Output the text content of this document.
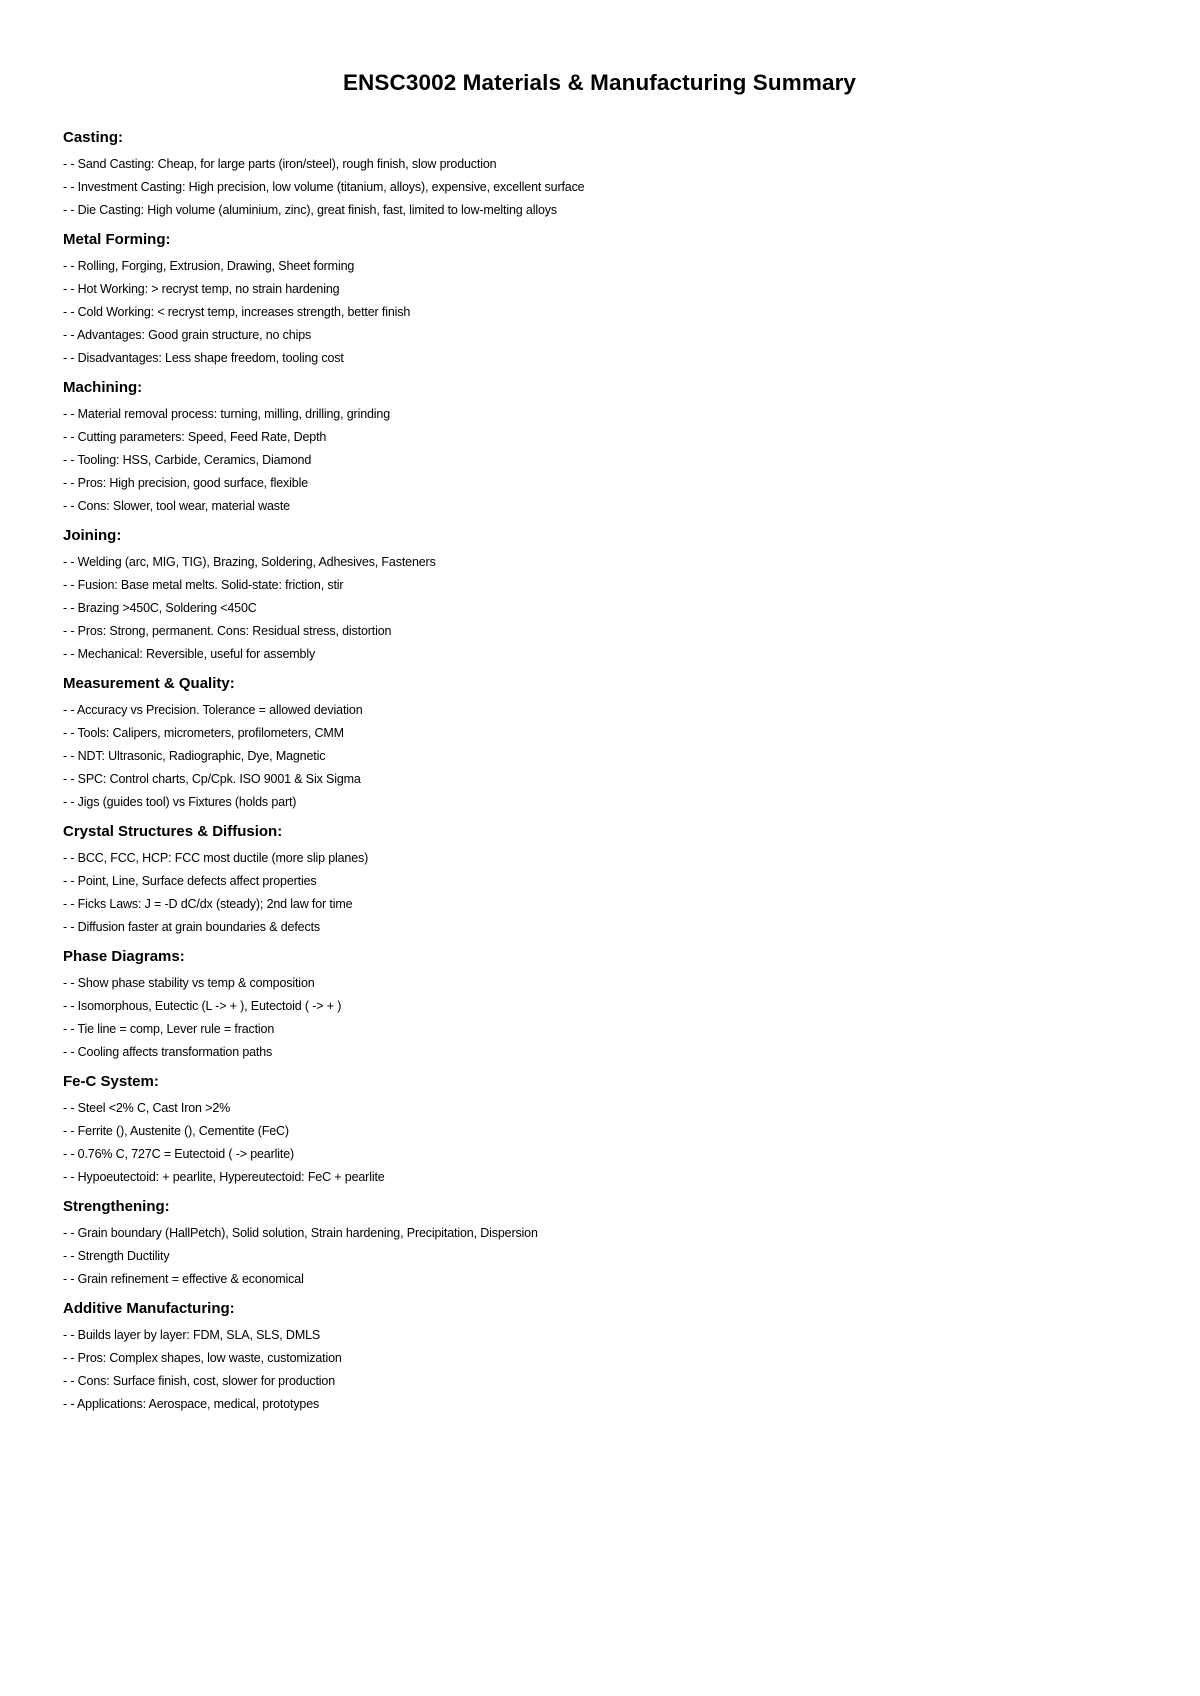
ENSC3002 Materials & Manufacturing Summary
Casting:
- - Sand Casting: Cheap, for large parts (iron/steel), rough finish, slow production
- - Investment Casting: High precision, low volume (titanium, alloys), expensive, excellent surface
- - Die Casting: High volume (aluminium, zinc), great finish, fast, limited to low-melting alloys
Metal Forming:
- - Rolling, Forging, Extrusion, Drawing, Sheet forming
- - Hot Working: > recryst temp, no strain hardening
- - Cold Working: < recryst temp, increases strength, better finish
- - Advantages: Good grain structure, no chips
- - Disadvantages: Less shape freedom, tooling cost
Machining:
- - Material removal process: turning, milling, drilling, grinding
- - Cutting parameters: Speed, Feed Rate, Depth
- - Tooling: HSS, Carbide, Ceramics, Diamond
- - Pros: High precision, good surface, flexible
- - Cons: Slower, tool wear, material waste
Joining:
- - Welding (arc, MIG, TIG), Brazing, Soldering, Adhesives, Fasteners
- - Fusion: Base metal melts. Solid-state: friction, stir
- - Brazing >450C, Soldering <450C
- - Pros: Strong, permanent. Cons: Residual stress, distortion
- - Mechanical: Reversible, useful for assembly
Measurement & Quality:
- - Accuracy vs Precision. Tolerance = allowed deviation
- - Tools: Calipers, micrometers, profilometers, CMM
- - NDT: Ultrasonic, Radiographic, Dye, Magnetic
- - SPC: Control charts, Cp/Cpk. ISO 9001 & Six Sigma
- - Jigs (guides tool) vs Fixtures (holds part)
Crystal Structures & Diffusion:
- - BCC, FCC, HCP: FCC most ductile (more slip planes)
- - Point, Line, Surface defects affect properties
- - Ficks Laws: J = -D dC/dx (steady); 2nd law for time
- - Diffusion faster at grain boundaries & defects
Phase Diagrams:
- - Show phase stability vs temp & composition
- - Isomorphous, Eutectic (L -> + ), Eutectoid ( -> + )
- - Tie line = comp, Lever rule = fraction
- - Cooling affects transformation paths
Fe-C System:
- - Steel <2% C, Cast Iron >2%
- - Ferrite (), Austenite (), Cementite (FeC)
- - 0.76% C, 727C = Eutectoid ( -> pearlite)
- - Hypoeutectoid: + pearlite, Hypereutectoid: FeC + pearlite
Strengthening:
- - Grain boundary (HallPetch), Solid solution, Strain hardening, Precipitation, Dispersion
- - Strength Ductility
- - Grain refinement = effective & economical
Additive Manufacturing:
- - Builds layer by layer: FDM, SLA, SLS, DMLS
- - Pros: Complex shapes, low waste, customization
- - Cons: Surface finish, cost, slower for production
- - Applications: Aerospace, medical, prototypes
